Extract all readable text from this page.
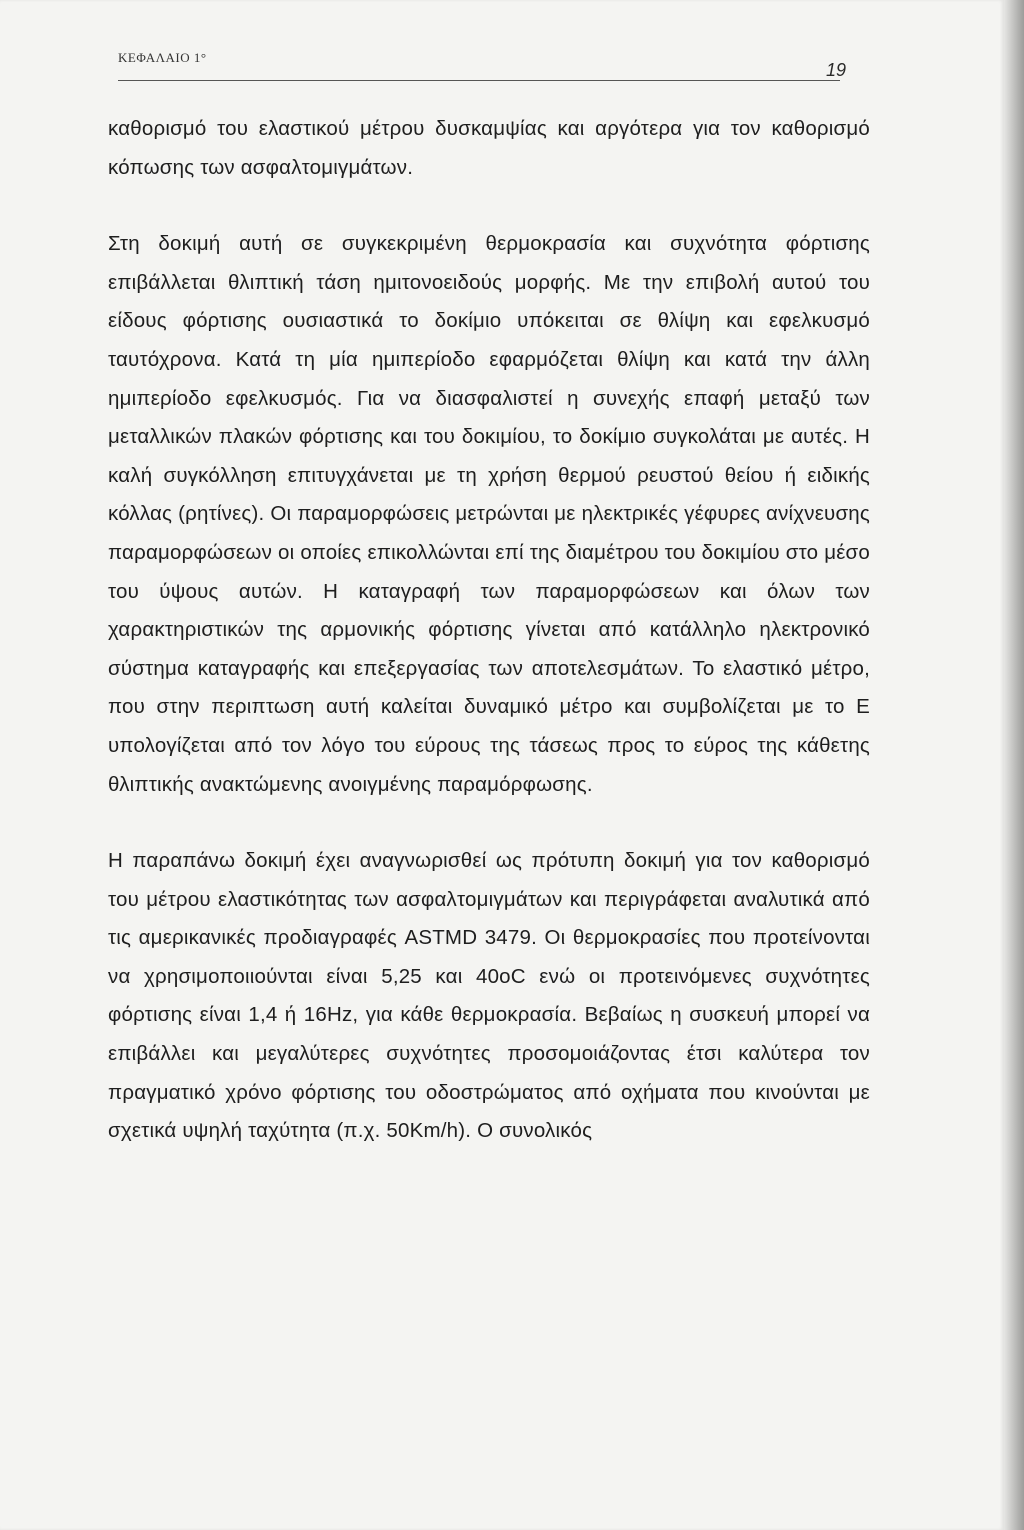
ΚΕΦΑΛΑΙΟ 1°
19

καθορισμό του ελαστικού μέτρου δυσκαμψίας και αργότερα για τον καθορισμό κόπωσης των ασφαλτομιγμάτων.

Στη δοκιμή αυτή σε συγκεκριμένη θερμοκρασία και συχνότητα φόρτισης επιβάλλεται θλιπτική τάση ημιτονοειδούς μορφής. Με την επιβολή αυτού του είδους φόρτισης ουσιαστικά το δοκίμιο υπόκειται σε θλίψη και εφελκυσμό ταυτόχρονα. Κατά τη μία ημιπερίοδο εφαρμόζεται θλίψη και κατά την άλλη ημιπερίοδο εφελκυσμός. Για να διασφαλιστεί η συνεχής επαφή μεταξύ των μεταλλικών πλακών φόρτισης και του δοκιμίου, το δοκίμιο συγκολάται με αυτές. Η καλή συγκόλληση επιτυγχάνεται με τη χρήση θερμού ρευστού θείου ή ειδικής κόλλας (ρητίνες). Οι παραμορφώσεις μετρώνται με ηλεκτρικές γέφυρες ανίχνευσης παραμορφώσεων οι οποίες επικολλώνται επί της διαμέτρου του δοκιμίου στο μέσο του ύψους αυτών. Η καταγραφή των παραμορφώσεων και όλων των χαρακτηριστικών της αρμονικής φόρτισης γίνεται από κατάλληλο ηλεκτρονικό σύστημα καταγραφής και επεξεργασίας των αποτελεσμάτων. Το ελαστικό μέτρο, που στην περιπτωση αυτή καλείται δυναμικό μέτρο και συμβολίζεται με το Ε υπολογίζεται από τον λόγο του εύρους της τάσεως προς το εύρος της κάθετης θλιπτικής ανακτώμενης ανοιγμένης παραμόρφωσης.

Η παραπάνω δοκιμή έχει αναγνωρισθεί ως πρότυπη δοκιμή για τον καθορισμό του μέτρου ελαστικότητας των ασφαλτομιγμάτων και περιγράφεται αναλυτικά από τις αμερικανικές προδιαγραφές ASTMD 3479. Οι θερμοκρασίες που προτείνονται να χρησιμοποιιούνται είναι 5,25 και 40oC ενώ οι προτεινόμενες συχνότητες φόρτισης είναι 1,4 ή 16Hz, για κάθε θερμοκρασία. Βεβαίως η συσκευή μπορεί να επιβάλλει και μεγαλύτερες συχνότητες προσομοιάζοντας έτσι καλύτερα τον πραγματικό χρόνο φόρτισης του οδοστρώματος από οχήματα που κινούνται με σχετικά υψηλή ταχύτητα (π.χ. 50Km/h). Ο συνολικός
